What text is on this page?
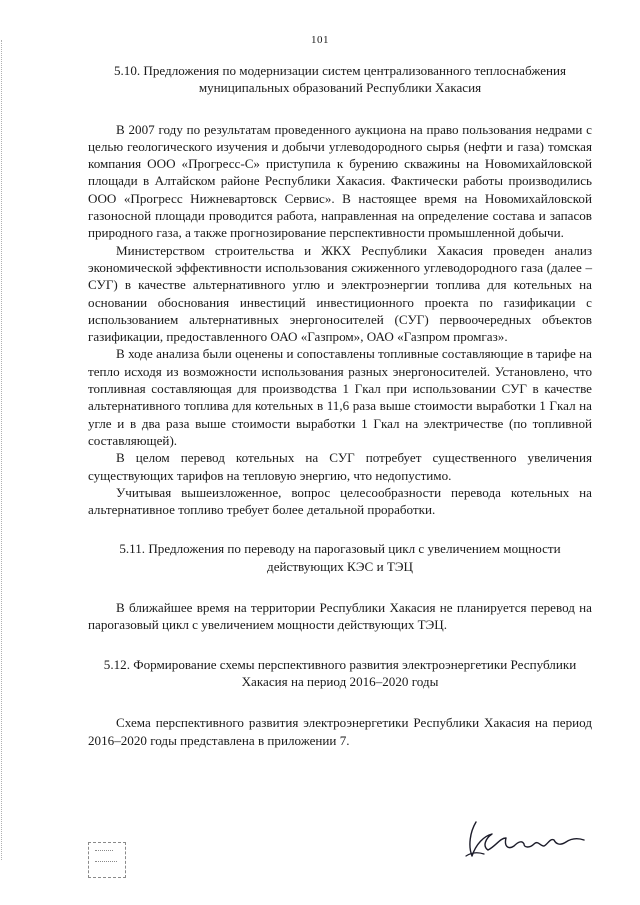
101
5.10. Предложения по модернизации систем централизованного теплоснабжения муниципальных образований Республики Хакасия

В 2007 году по результатам проведенного аукциона на право пользования недрами с целью геологического изучения и добычи углеводородного сырья (нефти и газа) томская компания ООО «Прогресс-С» приступила к бурению скважины на Новомихайловской площади в Алтайском районе Республики Хакасия. Фактически работы производились ООО «Прогресс Нижневартовск Сервис». В настоящее время на Новомихайловской газоносной площади проводится работа, направленная на определение состава и запасов природного газа, а также прогнозирование перспективности промышленной добычи.

Министерством строительства и ЖКХ Республики Хакасия проведен анализ экономической эффективности использования сжиженного углеводородного газа (далее – СУГ) в качестве альтернативного углю и электроэнергии топлива для котельных на основании обоснования инвестиций инвестиционного проекта по газификации с использованием альтернативных энергоносителей (СУГ) первоочередных объектов газификации, предоставленного ОАО «Газпром», ОАО «Газпром промгаз».

В ходе анализа были оценены и сопоставлены топливные составляющие в тарифе на тепло исходя из возможности использования разных энергоносителей. Установлено, что топливная составляющая для производства 1 Гкал при использовании СУГ в качестве альтернативного топлива для котельных в 11,6 раза выше стоимости выработки 1 Гкал на угле и в два раза выше стоимости выработки 1 Гкал на электричестве (по топливной составляющей).

В целом перевод котельных на СУГ потребует существенного увеличения существующих тарифов на тепловую энергию, что недопустимо.

Учитывая вышеизложенное, вопрос целесообразности перевода котельных на альтернативное топливо требует более детальной проработки.

5.11. Предложения по переводу на парогазовый цикл с увеличением мощности действующих КЭС и ТЭЦ

В ближайшее время на территории Республики Хакасия не планируется перевод на парогазовый цикл с увеличением мощности действующих ТЭЦ.

5.12. Формирование схемы перспективного развития электроэнергетики Республики Хакасия на период 2016–2020 годы

Схема перспективного развития электроэнергетики Республики Хакасия на период 2016–2020 годы представлена в приложении 7.
